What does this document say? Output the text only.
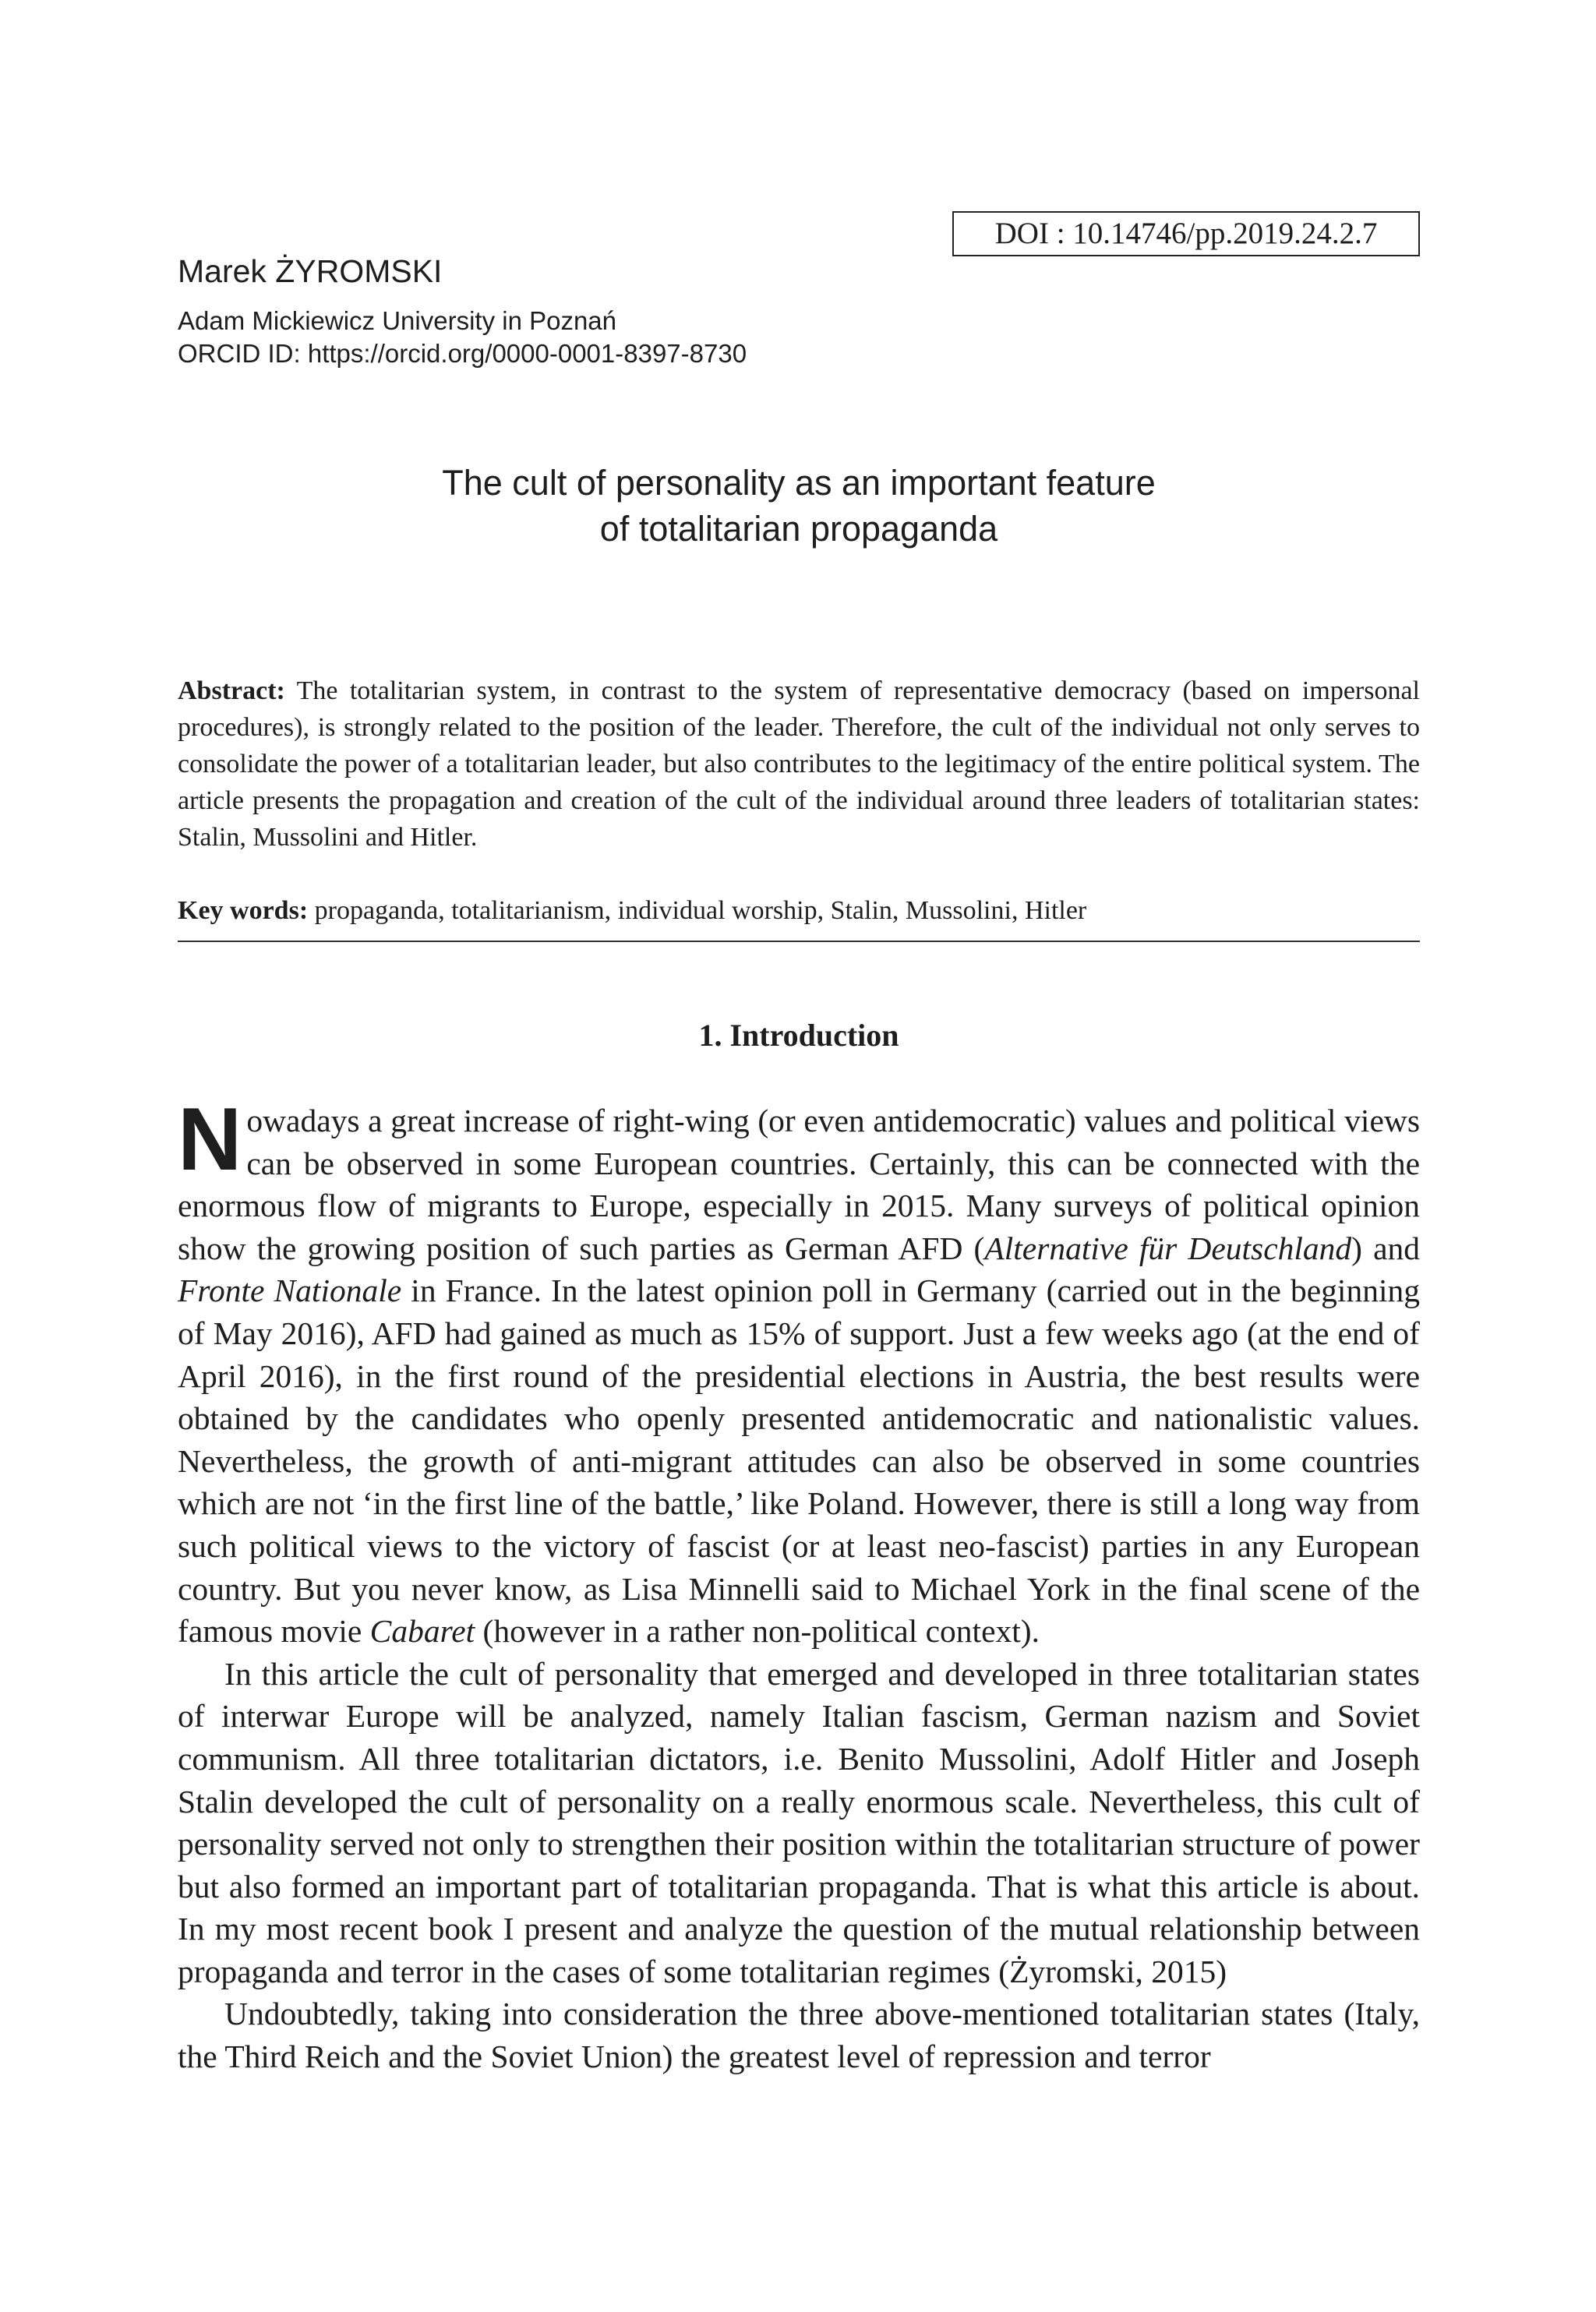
DOI : 10.14746/pp.2019.24.2.7
Marek ŻYROMSKI
Adam Mickiewicz University in Poznań
ORCID ID: https://orcid.org/0000-0001-8397-8730
The cult of personality as an important feature
of totalitarian propaganda
Abstract: The totalitarian system, in contrast to the system of representative democracy (based on impersonal procedures), is strongly related to the position of the leader. Therefore, the cult of the individual not only serves to consolidate the power of a totalitarian leader, but also contributes to the legitimacy of the entire political system. The article presents the propagation and creation of the cult of the individual around three leaders of totalitarian states: Stalin, Mussolini and Hitler.
Key words: propaganda, totalitarianism, individual worship, Stalin, Mussolini, Hitler
1. Introduction

Nowadays a great increase of right-wing (or even antidemocratic) values and political views can be observed in some European countries. Certainly, this can be connected with the enormous flow of migrants to Europe, especially in 2015. Many surveys of political opinion show the growing position of such parties as German AFD (Alternative für Deutschland) and Fronte Nationale in France. In the latest opinion poll in Germany (carried out in the beginning of May 2016), AFD had gained as much as 15% of support. Just a few weeks ago (at the end of April 2016), in the first round of the presidential elections in Austria, the best results were obtained by the candidates who openly presented antidemocratic and nationalistic values. Nevertheless, the growth of anti-migrant attitudes can also be observed in some countries which are not ‘in the first line of the battle,’ like Poland. However, there is still a long way from such political views to the victory of fascist (or at least neo-fascist) parties in any European country. But you never know, as Lisa Minnelli said to Michael York in the final scene of the famous movie Cabaret (however in a rather non-political context).

In this article the cult of personality that emerged and developed in three totalitarian states of interwar Europe will be analyzed, namely Italian fascism, German nazism and Soviet communism. All three totalitarian dictators, i.e. Benito Mussolini, Adolf Hitler and Joseph Stalin developed the cult of personality on a really enormous scale. Nevertheless, this cult of personality served not only to strengthen their position within the totalitarian structure of power but also formed an important part of totalitarian propaganda. That is what this article is about. In my most recent book I present and analyze the question of the mutual relationship between propaganda and terror in the cases of some totalitarian regimes (Żyromski, 2015)

Undoubtedly, taking into consideration the three above-mentioned totalitarian states (Italy, the Third Reich and the Soviet Union) the greatest level of repression and terror
